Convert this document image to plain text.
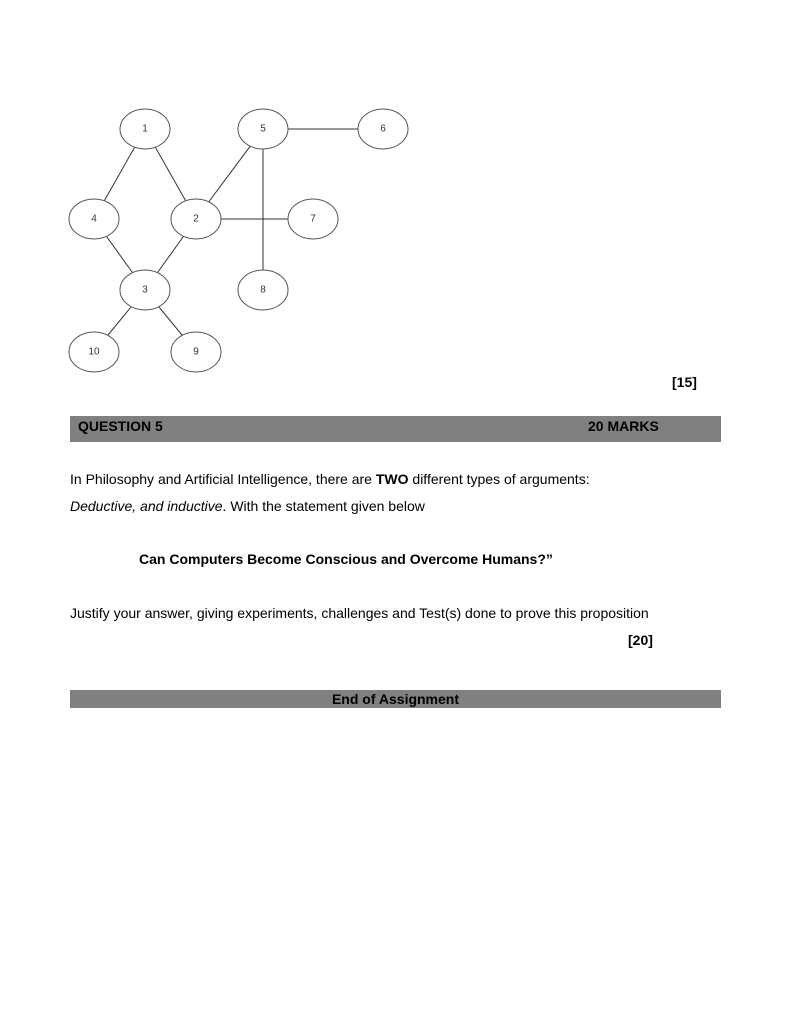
1
2
3
4
5	6
7
8
9
10
[15]
QUESTION 5	20 MARKS
In Philosophy and Artificial Intelligence, there are TWO different types of arguments:
Deductive, and inductive. With the statement given below
Can Computers Become Conscious and Overcome Humans?”
Justify your answer, giving experiments, challenges and Test(s) done to prove this proposition
[20]
End of Assignment
